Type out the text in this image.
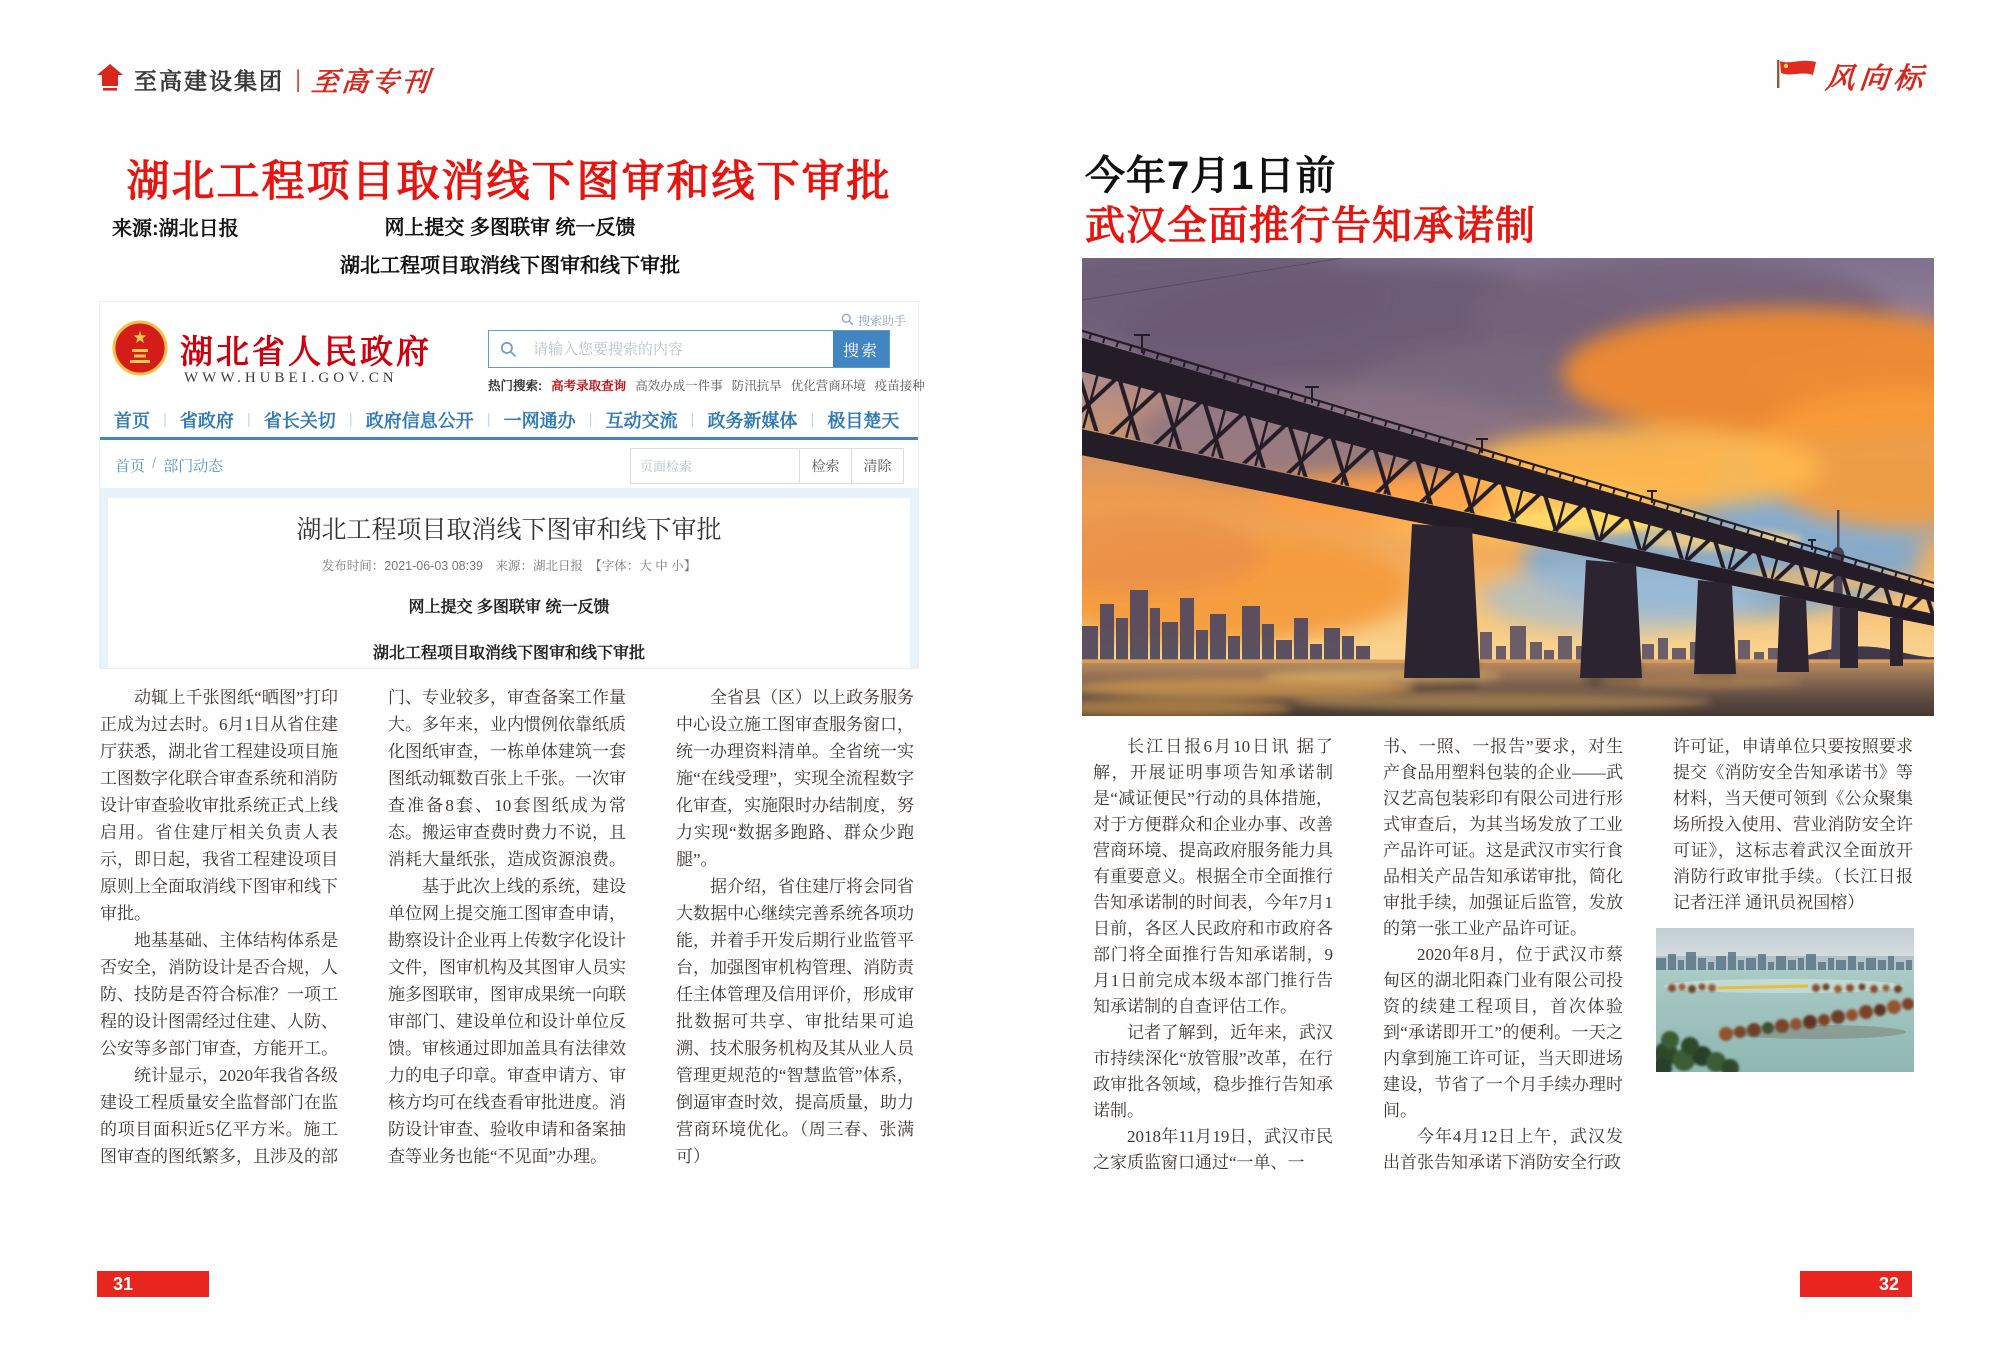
至高建设集团 | 至高专刊	风向标
湖北工程项目取消线下图审和线下审批
来源:湖北日报	网上提交 多图联审 统一反馈
湖北工程项目取消线下图审和线下审批
★ 湖北省人民政府
WWW.HUBEI.GOV.CN
搜索助手
请输入您要搜索的内容
搜索
热门搜索: 高考录取查询 高效办成一件事 防汛抗旱 优化营商环境 疫苗接种
首页 | 省政府 | 省长关切 | 政府信息公开 | 一网通办 | 互动交流 | 政务新媒体 | 极目楚天
首页 / 部门动态
页面检索	检索	清除
湖北工程项目取消线下图审和线下审批
发布时间：2021-06-03 08:39　来源：湖北日报　【字体：大 中 小】
网上提交 多图联审 统一反馈
湖北工程项目取消线下图审和线下审批

动辄上千张图纸“晒图”打印正成为过去时。6月1日从省住建厅获悉，湖北省工程建设项目施工图数字化联合审查系统和消防设计审查验收审批系统正式上线启用。省住建厅相关负责人表示，即日起，我省工程建设项目原则上全面取消线下图审和线下审批。

地基基础、主体结构体系是否安全，消防设计是否合规，人防、技防是否符合标准？一项工程的设计图需经过住建、人防、公安等多部门审查，方能开工。

统计显示，2020年我省各级建设工程质量安全监督部门在监的项目面积近5亿平方米。施工图审查的图纸繁多，且涉及的部

门、专业较多，审查备案工作量大。多年来，业内惯例依靠纸质化图纸审查，一栋单体建筑一套图纸动辄数百张上千张。一次审查准备8套、10套图纸成为常态。搬运审查费时费力不说，且消耗大量纸张，造成资源浪费。

基于此次上线的系统，建设单位网上提交施工图审查申请，勘察设计企业再上传数字化设计文件，图审机构及其图审人员实施多图联审，图审成果统一向联审部门、建设单位和设计单位反馈。审核通过即加盖具有法律效力的电子印章。审查申请方、审核方均可在线查看审批进度。消防设计审查、验收申请和备案抽查等业务也能“不见面”办理。

全省县（区）以上政务服务中心设立施工图审查服务窗口，统一办理资料清单。全省统一实施“在线受理”，实现全流程数字化审查，实施限时办结制度，努力实现“数据多跑路、群众少跑腿”。

据介绍，省住建厅将会同省大数据中心继续完善系统各项功能，并着手开发后期行业监管平台，加强图审机构管理、消防责任主体管理及信用评价，形成审批数据可共享、审批结果可追溯、技术服务机构及其从业人员管理更规范的“智慧监管”体系，倒逼审查时效，提高质量，助力营商环境优化。（周三春、张满可）

31
今年7月1日前
武汉全面推行告知承诺制

长江日报6月10日讯 据了解，开展证明事项告知承诺制是“减证便民”行动的具体措施，对于方便群众和企业办事、改善营商环境、提高政府服务能力具有重要意义。根据全市全面推行告知承诺制的时间表，今年7月1日前，各区人民政府和市政府各部门将全面推行告知承诺制，9月1日前完成本级本部门推行告知承诺制的自查评估工作。

记者了解到，近年来，武汉市持续深化“放管服”改革，在行政审批各领域，稳步推行告知承诺制。

2018年11月19日，武汉市民之家质监窗口通过“一单、一

书、一照、一报告”要求，对生产食品用塑料包装的企业——武汉艺高包装彩印有限公司进行形式审查后，为其当场发放了工业产品许可证。这是武汉市实行食品相关产品告知承诺审批，简化审批手续，加强证后监管，发放的第一张工业产品许可证。

2020年8月，位于武汉市蔡甸区的湖北阳森门业有限公司投资的续建工程项目，首次体验到“承诺即开工”的便利。一天之内拿到施工许可证，当天即进场建设，节省了一个月手续办理时间。

今年4月12日上午，武汉发出首张告知承诺下消防安全行政

许可证，申请单位只要按照要求提交《消防安全告知承诺书》等材料，当天便可领到《公众聚集场所投入使用、营业消防安全许可证》，这标志着武汉全面放开消防行政审批手续。（长江日报记者汪洋 通讯员祝国榕）

32
